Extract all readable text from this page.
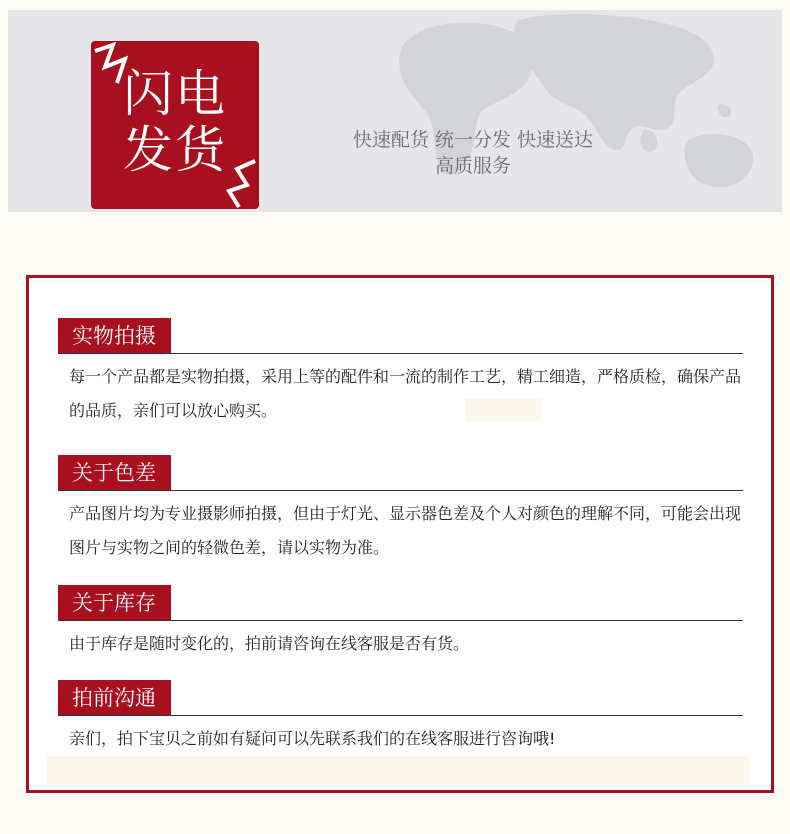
闪电
发货	快速配货 统一分发 快速送达
高质服务
实物拍摄
每一个产品都是实物拍摄，采用上等的配件和一流的制作工艺，精工细造，严格质检，确保产品的品质，亲们可以放心购买。
关于色差
产品图片均为专业摄影师拍摄，但由于灯光、显示器色差及个人对颜色的理解不同，可能会出现图片与实物之间的轻微色差，请以实物为准。
关于库存
由于库存是随时变化的，拍前请咨询在线客服是否有货。
拍前沟通
亲们，拍下宝贝之前如有疑问可以先联系我们的在线客服进行咨询哦!
